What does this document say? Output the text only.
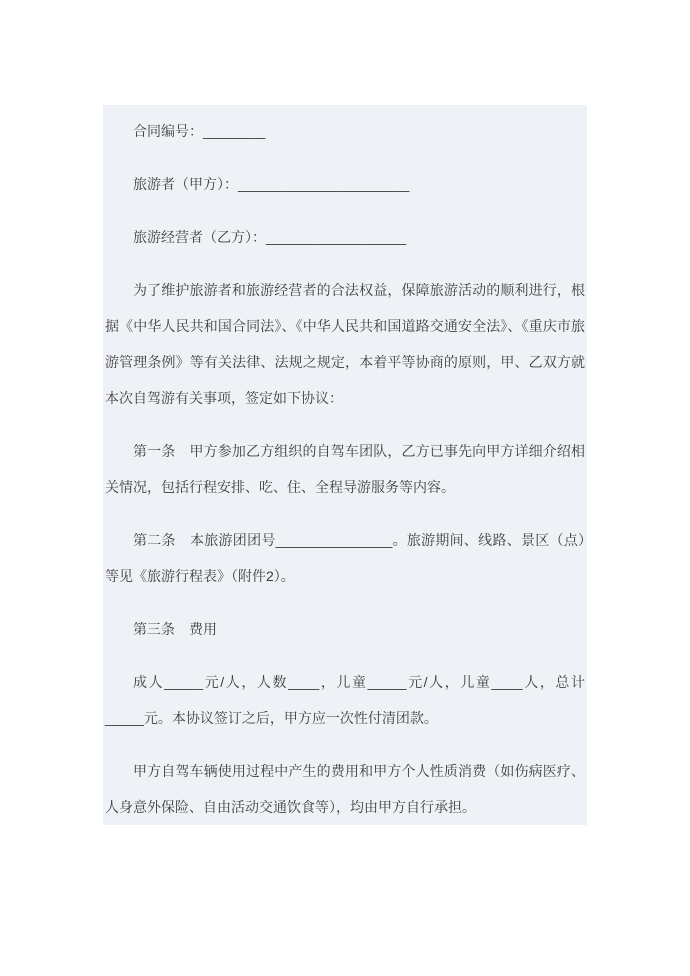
合同编号：________

旅游者（甲方）：______________________

旅游经营者（乙方）：__________________

为了维护旅游者和旅游经营者的合法权益，保障旅游活动的顺利进行，根据《中华人民共和国合同法》、《中华人民共和国道路交通安全法》、《重庆市旅游管理条例》等有关法律、法规之规定，本着平等协商的原则，甲、乙双方就本次自驾游有关事项，签定如下协议：

第一条　甲方参加乙方组织的自驾车团队，乙方已事先向甲方详细介绍相关情况，包括行程安排、吃、住、全程导游服务等内容。

第二条　本旅游团团号_______________。旅游期间、线路、景区（点）等见《旅游行程表》（附件2）。

第三条　费用

成人_____元/人，人数____，儿童_____元/人，儿童____人，总计_____元。本协议签订之后，甲方应一次性付清团款。

甲方自驾车辆使用过程中产生的费用和甲方个人性质消费（如伤病医疗、人身意外保险、自由活动交通饮食等），均由甲方自行承担。
